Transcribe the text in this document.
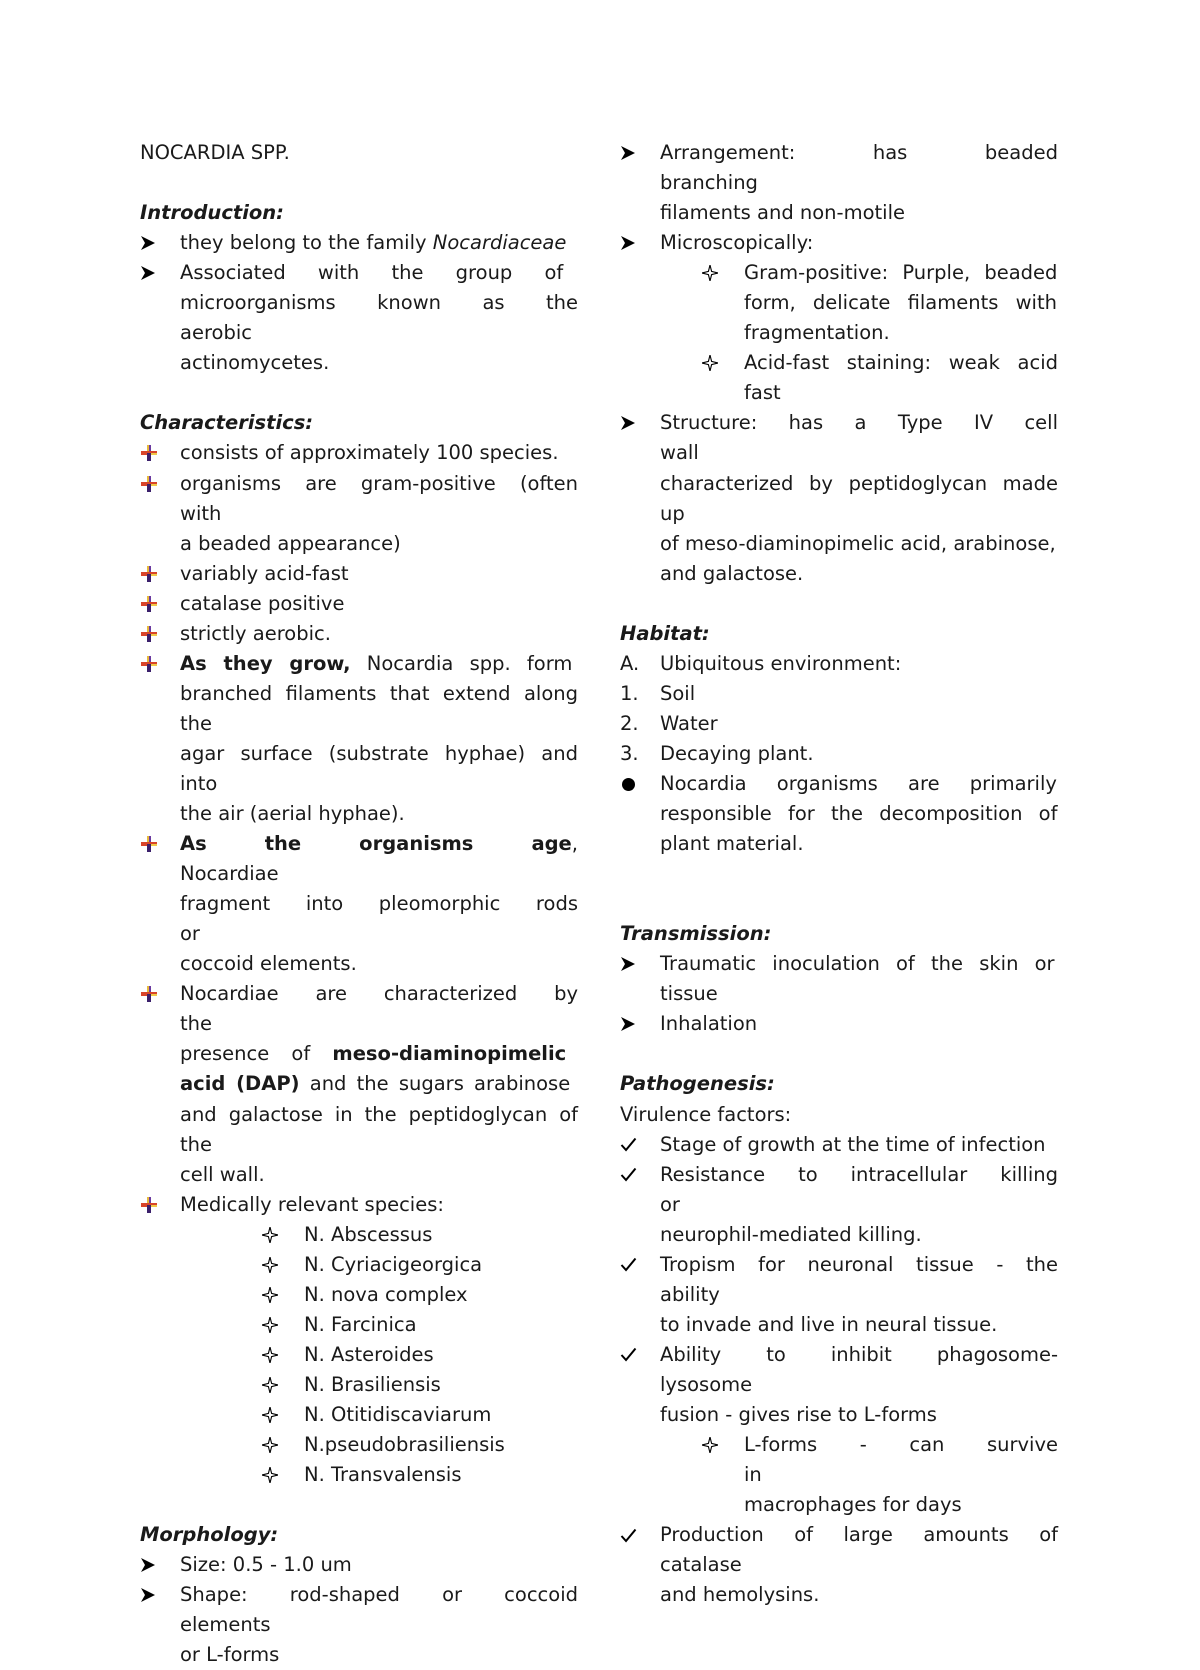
NOCARDIA SPP.
Introduction:
they belong to the family Nocardiaceae
Associated with the group of
microorganisms known as the aerobic
actinomycetes.
Characteristics:
consists of approximately 100 species.
organisms are gram-positive (often with
a beaded appearance)
variably acid-fast
catalase positive
strictly aerobic.
As they grow, Nocardia spp. form
branched filaments that extend along the
agar surface (substrate hyphae) and into
the air (aerial hyphae).
As the organisms age, Nocardiae
fragment into pleomorphic rods or
coccoid elements.
Nocardiae are characterized by the
presence of meso-diaminopimelic
acid (DAP) and the sugars arabinose
and galactose in the peptidoglycan of the
cell wall.
Medically relevant species:
N. Abscessus
N. Cyriacigeorgica
N. nova complex
N. Farcinica
N. Asteroides
N. Brasiliensis
N. Otitidiscaviarum
N.pseudobrasiliensis
N. Transvalensis
Morphology:
Size: 0.5 - 1.0 um
Shape: rod-shaped or coccoid elements
or L-forms
Arrangement: has beaded branching
filaments and non-motile
Microscopically:
Gram-positive: Purple, beaded
form, delicate filaments with
fragmentation.
Acid-fast staining: weak acid fast
Structure: has a Type IV cell wall
characterized by peptidoglycan made up
of meso-diaminopimelic acid, arabinose,
and galactose.
Habitat:
A.	Ubiquitous environment:
1.	Soil
2.	Water
3.	Decaying plant.
Nocardia organisms are primarily
responsible for the decomposition of
plant material.
Transmission:
Traumatic inoculation of the skin or
tissue
Inhalation
Pathogenesis:
Virulence factors:
Stage of growth at the time of infection
Resistance to intracellular killing or
neurophil-mediated killing.
Tropism for neuronal tissue - the ability
to invade and live in neural tissue.
Ability to inhibit phagosome-lysosome
fusion - gives rise to L-forms
L-forms - can survive in
macrophages for days
Production of large amounts of catalase
and hemolysins.
